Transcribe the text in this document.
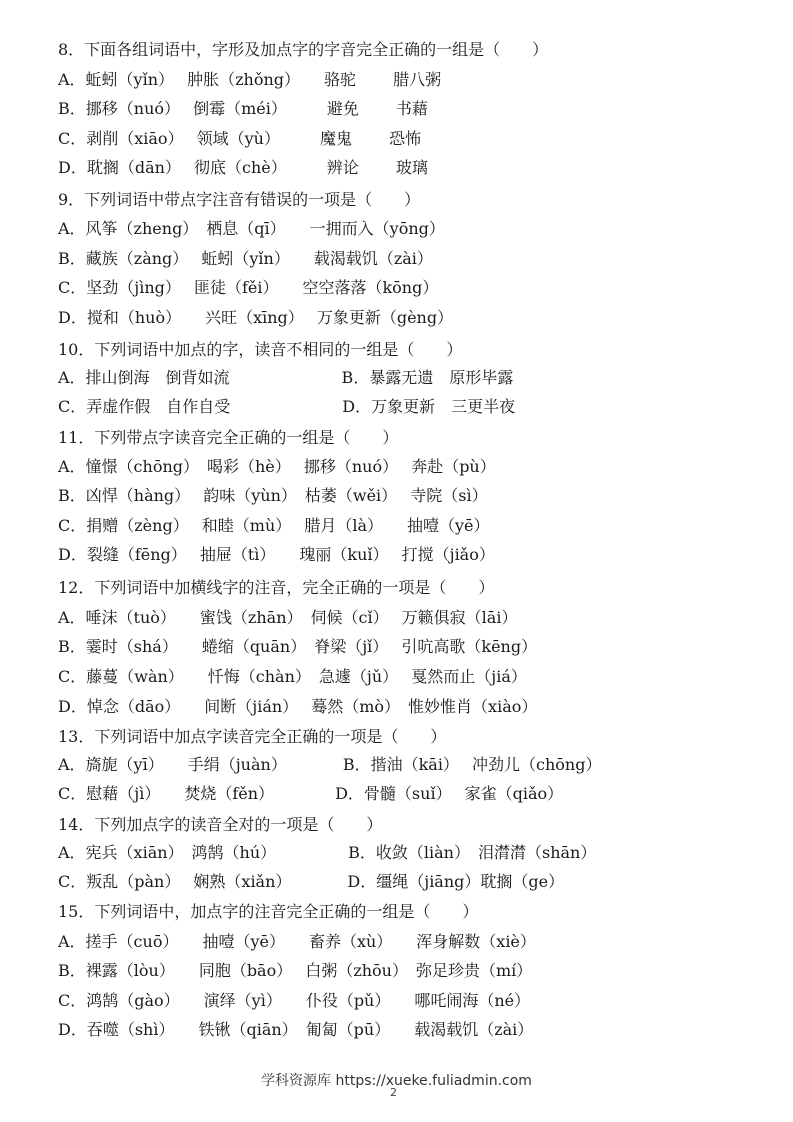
8．下面各组词语中，字形及加点字的字音完全正确的一组是（　　）
A．蚯蚓（yǐn）　 肿胀（zhǒng）　　骆驼　　 腊八粥
B．挪移（nuó）　 倒霉（méi）　　　避免　　 书藉
C．剥削（xiāo）　 领域（yù）　　　魔鬼　　 恐怖
D．耽搁（dān）　 彻底（chè）　　　辨论　　 玻璃
9．下列词语中带点字注音有错误的一项是（　　）
A．风筝（zheng）　栖息（qī）　　一拥而入（yōng）
B．藏族（zàng）　 蚯蚓（yǐn）　　载渴载饥（zài）
C．坚劲（jìng）　 匪徒（fěi）　　空空落落（kōng）
D．搅和（huò）　　兴旺（xīng）　 万象更新（gèng）
10．下列词语中加点的字，读音不相同的一组是（　　）
A．排山倒海　倒背如流　　　　　　　B．暴露无遗　原形毕露
C．弄虚作假　自作自受　　　　　　　D．万象更新　三更半夜
11．下列带点字读音完全正确的一组是（　　）
A．憧憬（chōng）　喝彩（hè）　 挪移（nuó）　 奔赴（pù）
B．凶悍（hàng）　 韵味（yùn）　枯萎（wěi）　 寺院（sì）
C．捐赠（zèng）　 和睦（mù）　 腊月（là）　　抽噎（yē）
D．裂缝（fēng）　 抽屉（tì）　　瑰丽（kuǐ）　 打搅（jiǎo）
12．下列词语中加横线字的注音，完全正确的一项是（　　）
A．唾沫（tuò）　　蜜饯（zhān）　伺候（cǐ）　 万籁俱寂（lāi）
B．霎时（shá）　　蜷缩（quān）　脊梁（jǐ）　 引吭高歌（kēng）
C．藤蔓（wàn）　　忏悔（chàn）　急遽（jǔ）　 戛然而止（jiá）
D．悼念（dāo）　　间断（jián）　 蓦然（mò）　惟妙惟肖（xiào）
13．下列词语中加点字读音完全正确的一项是（　　）
A．旖旎（yī）　　手绢（juàn）　　　　B．揩油（kāi）　 冲劲儿（chōng）
C．慰藉（jì）　　焚烧（fěn）　　　　 D．骨髓（suǐ）　 家雀（qiǎo）
14．下列加点字的读音全对的一项是（　　）
A．宪兵（xiān）　鸿鹄（hú）　　　　　B．收敛（liàn）　泪潸潸（shān）
C．叛乱（pàn）　 娴熟（xiǎn）　　　　D．缰绳（jiāng）耽搁（ge）
15．下列词语中，加点字的注音完全正确的一组是（　　）
A．搓手（cuō）　　抽噎（yē）　　畜养（xù）　　浑身解数（xiè）
B．裸露（lòu）　　同胞（bāo）　 白粥（zhōu）　弥足珍贵（mí）
C．鸿鹄（gào）　　演绎（yì）　　仆役（pǔ）　　哪吒闹海（né）
D．吞噬（shì）　　铁锹（qiān）　匍匐（pū）　　载渴载饥（zài）
学科资源库 https://xueke.fuliadmin.com
2
